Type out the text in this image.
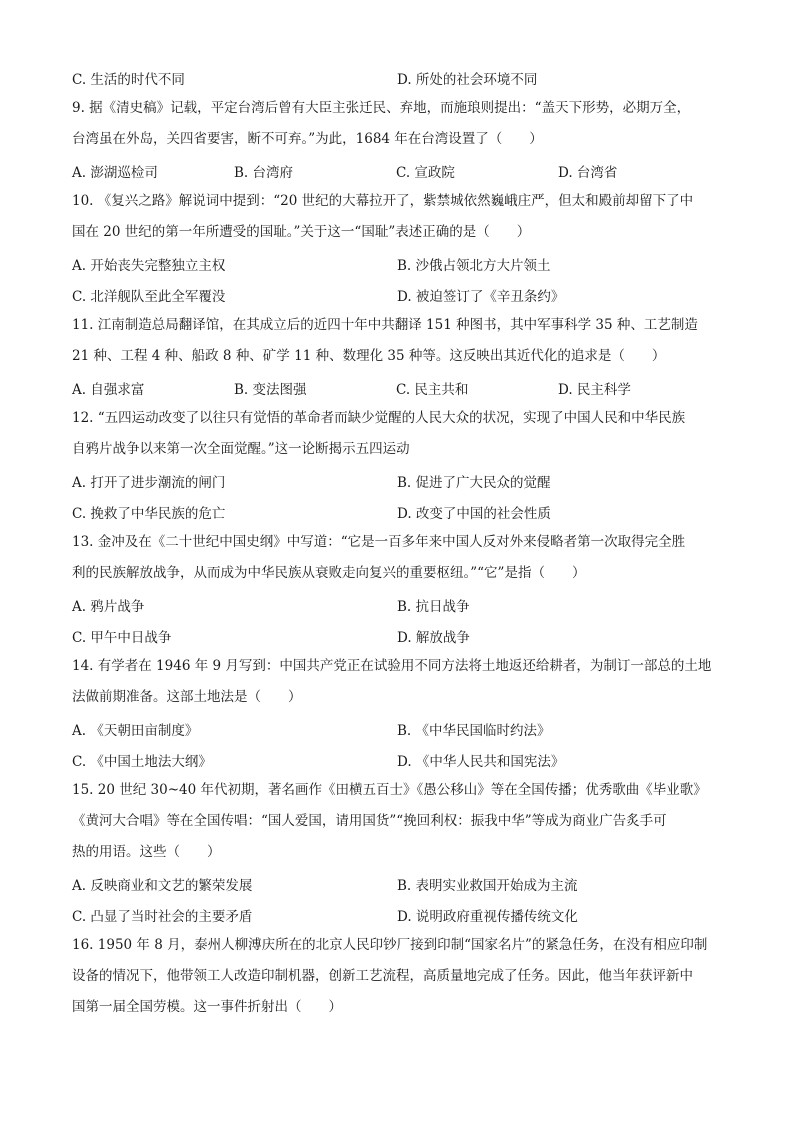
C. 生活的时代不同	D. 所处的社会环境不同
9. 据《清史稿》记载，平定台湾后曾有大臣主张迁民、弃地，而施琅则提出：“盖天下形势，必期万全，
台湾虽在外岛，关四省要害，断不可弃。”为此，1684 年在台湾设置了（　　）
A. 澎湖巡检司	B. 台湾府	C. 宣政院	D. 台湾省
10. 《复兴之路》解说词中提到：“20 世纪的大幕拉开了，紫禁城依然巍峨庄严，但太和殿前却留下了中
国在 20 世纪的第一年所遭受的国耻。”关于这一“国耻”表述正确的是（　　）
A. 开始丧失完整独立主权	B. 沙俄占领北方大片领土
C. 北洋舰队至此全军覆没	D. 被迫签订了《辛丑条约》
11. 江南制造总局翻译馆，在其成立后的近四十年中共翻译 151 种图书，其中军事科学 35 种、工艺制造
21 种、工程 4 种、船政 8 种、矿学 11 种、数理化 35 种等。这反映出其近代化的追求是（　　）
A. 自强求富	B. 变法图强	C. 民主共和	D. 民主科学
12. “五四运动改变了以往只有觉悟的革命者而缺少觉醒的人民大众的状况，实现了中国人民和中华民族
自鸦片战争以来第一次全面觉醒。”这一论断揭示五四运动
A. 打开了进步潮流的闸门	B. 促进了广大民众的觉醒
C. 挽救了中华民族的危亡	D. 改变了中国的社会性质
13. 金冲及在《二十世纪中国史纲》中写道：“它是一百多年来中国人反对外来侵略者第一次取得完全胜
利的民族解放战争，从而成为中华民族从衰败走向复兴的重要枢纽。”“它”是指（　　）
A. 鸦片战争	B. 抗日战争
C. 甲午中日战争	D. 解放战争
14. 有学者在 1946 年 9 月写到：中国共产党正在试验用不同方法将土地返还给耕者，为制订一部总的土地
法做前期准备。这部土地法是（　　）
A. 《天朝田亩制度》	B. 《中华民国临时约法》
C. 《中国土地法大纲》	D. 《中华人民共和国宪法》
15. 20 世纪 30~40 年代初期，著名画作《田横五百士》《愚公移山》等在全国传播；优秀歌曲《毕业歌》
《黄河大合唱》等在全国传唱：“国人爱国，请用国货”“挽回利权：振我中华”等成为商业广告炙手可
热的用语。这些（　　）
A. 反映商业和文艺的繁荣发展	B. 表明实业救国开始成为主流
C. 凸显了当时社会的主要矛盾	D. 说明政府重视传播传统文化
16. 1950 年 8 月，泰州人柳溥庆所在的北京人民印钞厂接到印制“国家名片”的紧急任务，在没有相应印制
设备的情况下，他带领工人改造印制机器，创新工艺流程，高质量地完成了任务。因此，他当年获评新中
国第一届全国劳模。这一事件折射出（　　）
